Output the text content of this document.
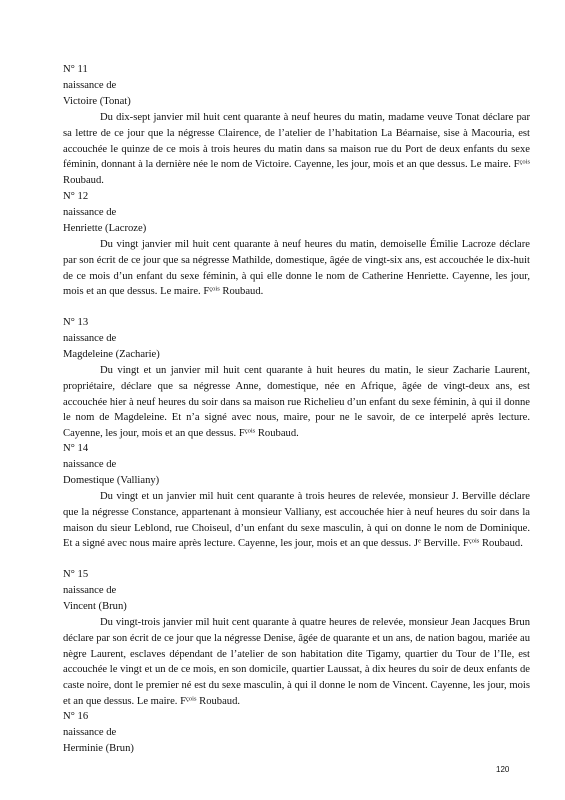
N° 11
naissance de
Victoire (Tonat)

Du dix-sept janvier mil huit cent quarante à neuf heures du matin, madame veuve Tonat déclare par sa lettre de ce jour que la négresse Clairence, de l’atelier de l’habitation La Béarnaise, sise à Macouria, est accouchée le quinze de ce mois à trois heures du matin dans sa maison rue du Port de deux enfants du sexe féminin, donnant à la dernière née le nom de Victoire. Cayenne, les jour, mois et an que dessus. Le maire. $F^{çois}$ Roubaud.

N° 12
naissance de
Henriette (Lacroze)

Du vingt janvier mil huit cent quarante à neuf heures du matin, demoiselle Émilie Lacroze déclare par son écrit de ce jour que sa négresse Mathilde, domestique, âgée de vingt-six ans, est accouchée le dix-huit de ce mois d’un enfant du sexe féminin, à qui elle donne le nom de Catherine Henriette. Cayenne, les jour, mois et an que dessus. Le maire. $F^{çois}$ Roubaud.

N° 13
naissance de
Magdeleine (Zacharie)

Du vingt et un janvier mil huit cent quarante à huit heures du matin, le sieur Zacharie Laurent, propriétaire, déclare que sa négresse Anne, domestique, née en Afrique, âgée de vingt-deux ans, est accouchée hier à neuf heures du soir dans sa maison rue Richelieu d’un enfant du sexe féminin, à qui il donne le nom de Magdeleine. Et n’a signé avec nous, maire, pour ne le savoir, de ce interpelé après lecture. Cayenne, les jour, mois et an que dessus. $F^{çois}$ Roubaud.

N° 14
naissance de
Domestique (Valliany)

Du vingt et un janvier mil huit cent quarante à trois heures de relevée, monsieur J. Berville déclare que la négresse Constance, appartenant à monsieur Valliany, est accouchée hier à neuf heures du soir dans la maison du sieur Leblond, rue Choiseul, d’un enfant du sexe masculin, à qui on donne le nom de Dominique. Et a signé avec nous maire après lecture. Cayenne, les jour, mois et an que dessus. $J^e$ Berville. $F^{çois}$ Roubaud.

N° 15
naissance de
Vincent (Brun)

Du vingt-trois janvier mil huit cent quarante à quatre heures de relevée, monsieur Jean Jacques Brun déclare par son écrit de ce jour que la négresse Denise, âgée de quarante et un ans, de nation bagou, mariée au nègre Laurent, esclaves dépendant de l’atelier de son habitation dite Tigamy, quartier du Tour de l’Ile, est accouchée le vingt et un de ce mois, en son domicile, quartier Laussat, à dix heures du soir de deux enfants de caste noire, dont le premier né est du sexe masculin, à qui il donne le nom de Vincent. Cayenne, les jour, mois et an que dessus. Le maire. $F^{çois}$ Roubaud.

N° 16
naissance de
Herminie (Brun)
120
